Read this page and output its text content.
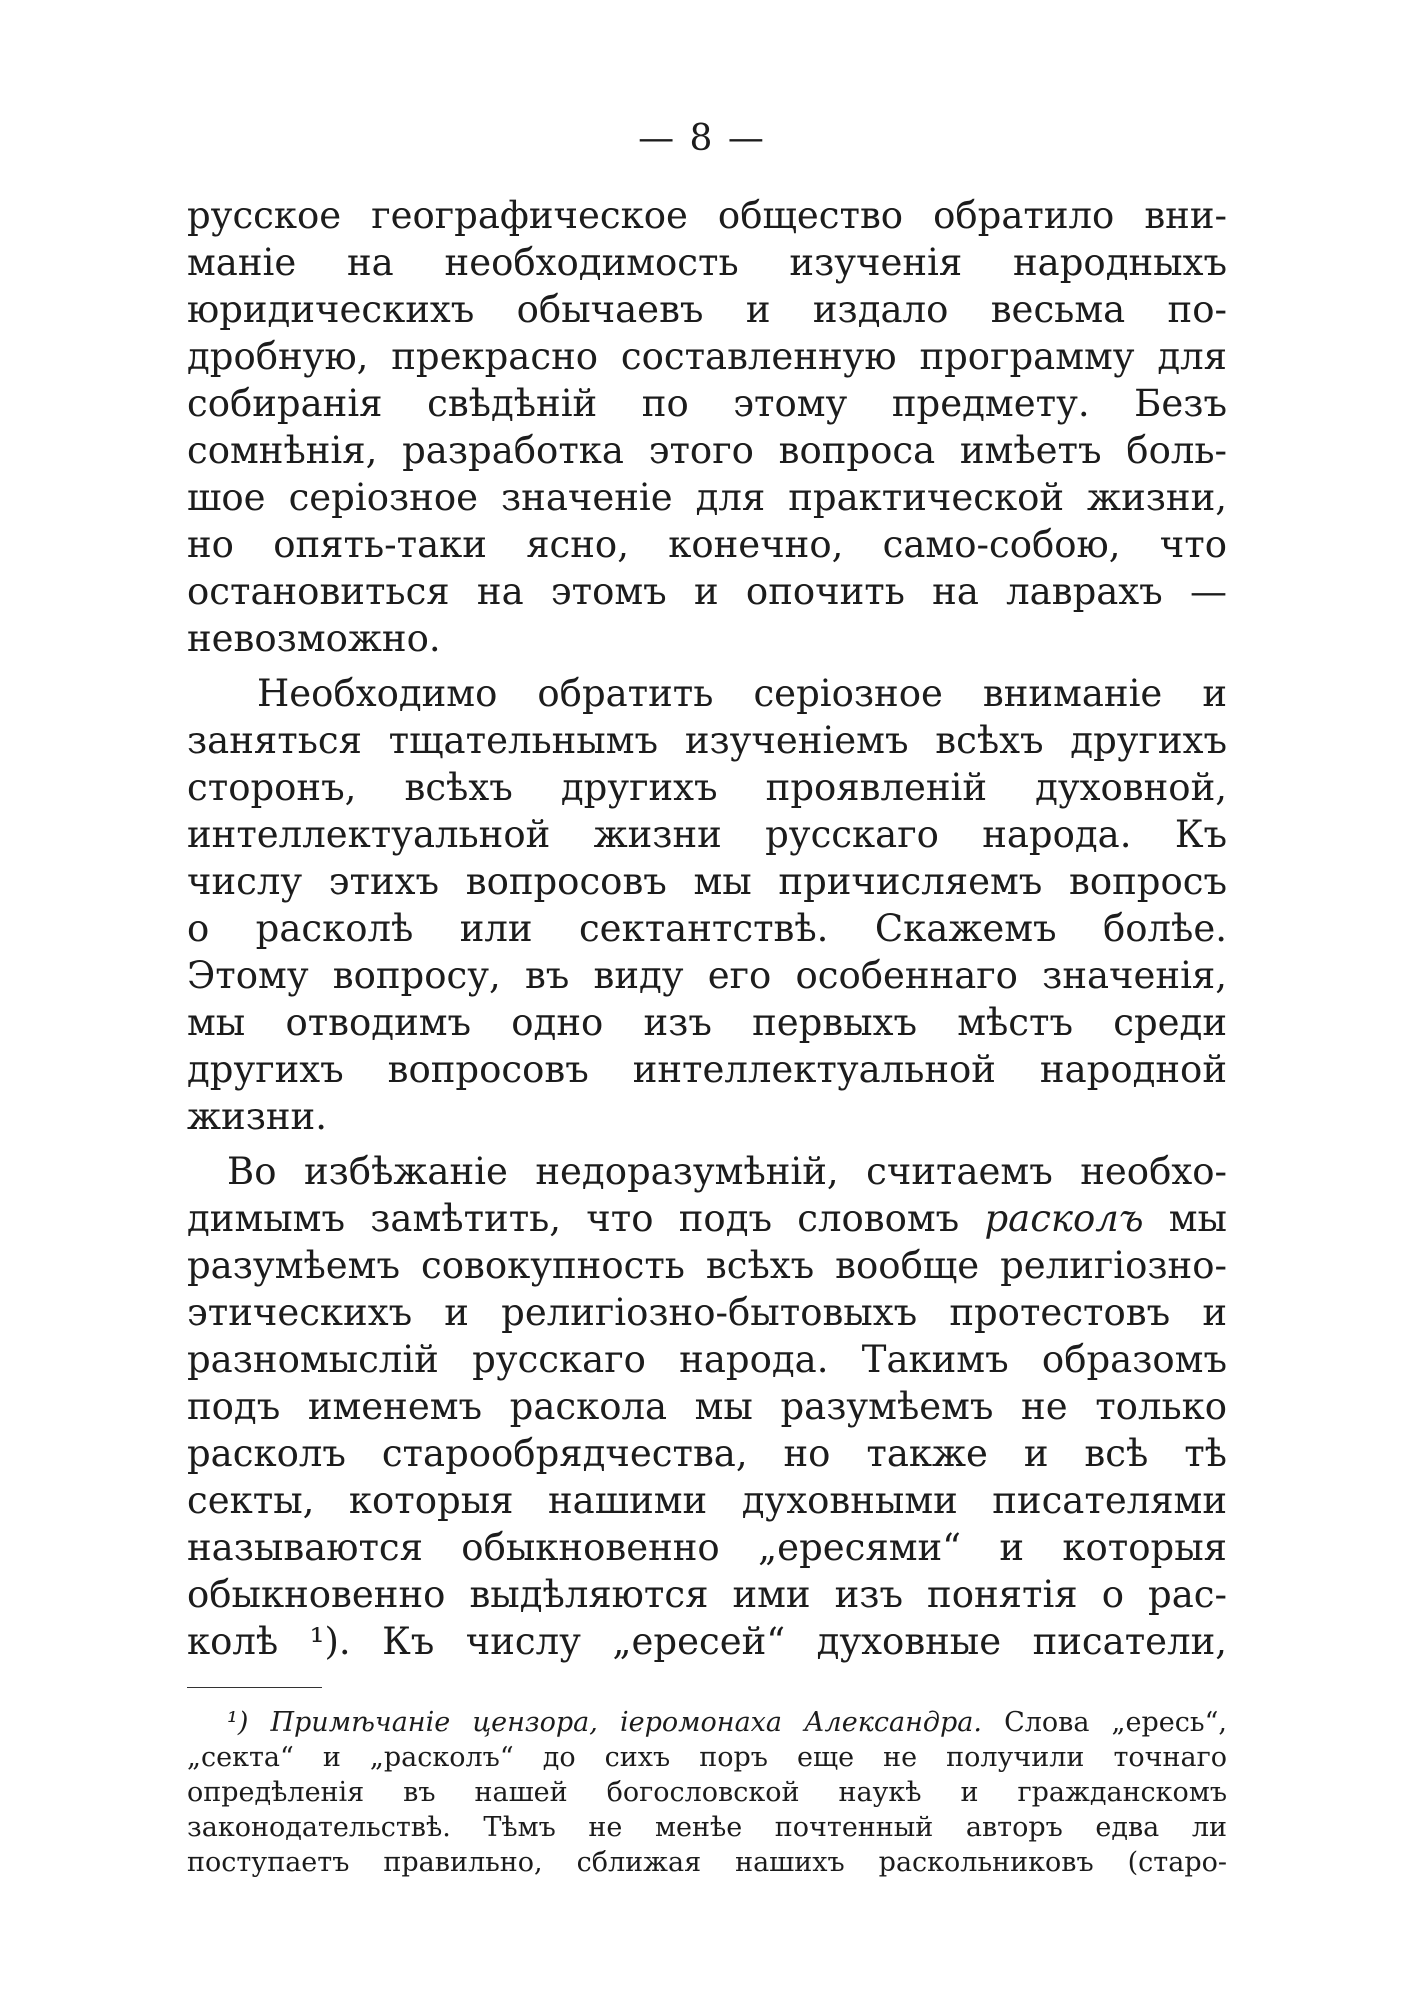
— 8 —
русское географическое общество обратило вни-
маніе на необходимость изученія народныхъ
юридическихъ обычаевъ и издало весьма по-
дробную, прекрасно составленную программу для
собиранія свѣдѣній по этому предмету. Безъ
сомнѣнія, разработка этого вопроса имѣетъ боль-
шое серіозное значеніе для практической жизни,
но опять-таки ясно, конечно, само-собою, что
остановиться на этомъ и опочить на лаврахъ —
невозможно.
Необходимо обратить серіозное вниманіе и
заняться тщательнымъ изученіемъ всѣхъ другихъ
сторонъ, всѣхъ другихъ проявленій духовной,
интеллектуальной жизни русскаго народа. Къ
числу этихъ вопросовъ мы причисляемъ вопросъ
о расколѣ или сектантствѣ. Скажемъ болѣе.
Этому вопросу, въ виду его особеннаго значенія,
мы отводимъ одно изъ первыхъ мѣстъ среди
другихъ вопросовъ интеллектуальной народной
жизни.
Во избѣжаніе недоразумѣній, считаемъ необхо-
димымъ замѣтить, что подъ словомъ расколъ мы
разумѣемъ совокупность всѣхъ вообще религіозно-
этическихъ и религіозно-бытовыхъ протестовъ и
разномыслій русскаго народа. Такимъ образомъ
подъ именемъ раскола мы разумѣемъ не только
расколъ старообрядчества, но также и всѣ тѣ
секты, которыя нашими духовными писателями
называются обыкновенно „ересями“ и которыя
обыкновенно выдѣляются ими изъ понятія о рас-
колѣ ¹). Къ числу „ересей“ духовные писатели,
¹) Примѣчаніе цензора, іеромонаха Александра. Слова „ересь“,
„секта“ и „расколъ“ до сихъ поръ еще не получили точнаго
опредѣленія въ нашей богословской наукѣ и гражданскомъ
законодательствѣ. Тѣмъ не менѣе почтенный авторъ едва ли
поступаетъ правильно, сближая нашихъ раскольниковъ (старо-
